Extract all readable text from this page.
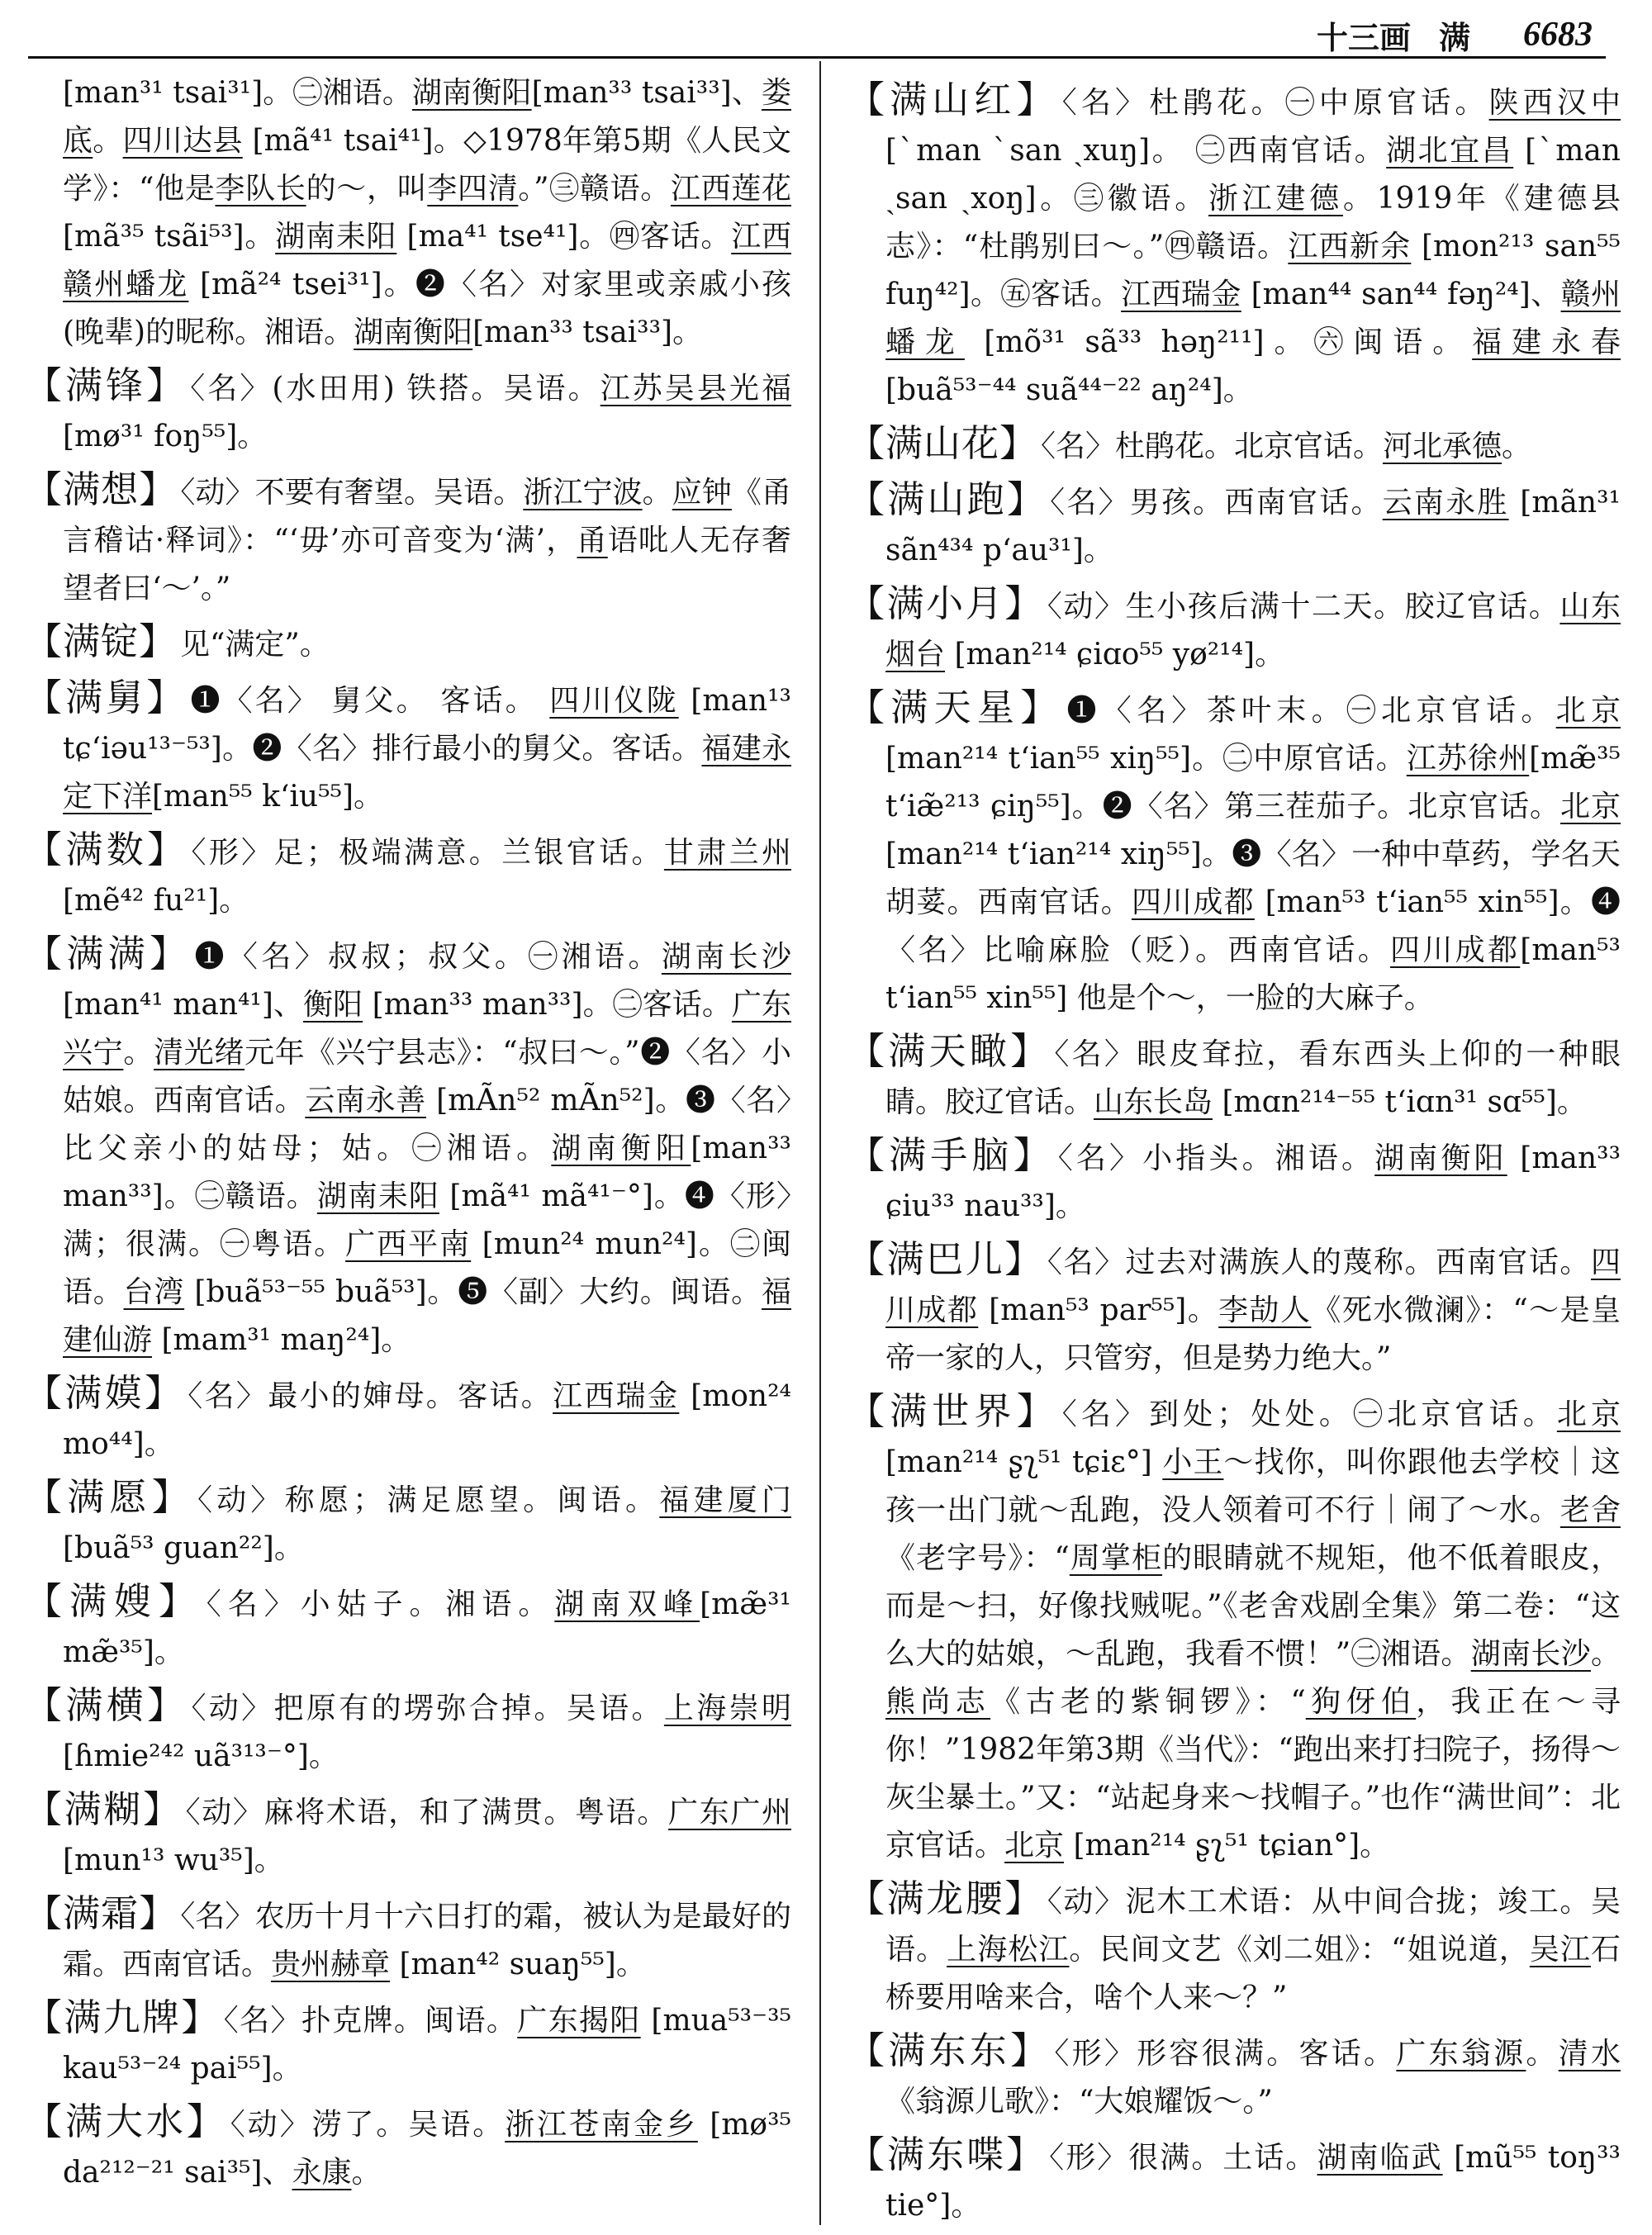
十三画 满 6683
[man³¹ tsai³¹]。㊁湘语。湖南衡阳[man³³ tsai³³]、娄底。四川达县 [mã⁴¹ tsai⁴¹]。◇1978年第5期《人民文学》：“他是李队长的～，叫李四清。”㊂赣语。江西莲花 [mã³⁵ tsãi⁵³]。湖南耒阳 [ma⁴¹ tse⁴¹]。㊃客话。江西赣州蟠龙 [mã²⁴ tsei³¹]。❷〈名〉对家里或亲戚小孩(晚辈)的昵称。湘语。湖南衡阳[man³³ tsai³³]。
【满锋】 〈名〉(水田用) 铁搭。吴语。江苏吴县光福 [mø³¹ foŋ⁵⁵]。
【满想】 〈动〉不要有奢望。吴语。浙江宁波。应钟《甬言稽诂·释词》：“‘毋’亦可音变为‘满’，甬语吡人无存奢望者曰‘～’。”
【满锭】 见“满定”。
【满舅】 ❶〈名〉 舅父。 客话。 四川仪陇 [man¹³ tɕʻiəu¹³⁻⁵³]。❷〈名〉排行最小的舅父。客话。福建永定下洋[man⁵⁵ kʻiu⁵⁵]。
【满数】 〈形〉足；极端满意。兰银官话。甘肃兰州 [mẽ⁴² fu²¹]。
【满满】 ❶〈名〉叔叔；叔父。㊀湘语。湖南长沙 [man⁴¹ man⁴¹]、衡阳 [man³³ man³³]。㊁客话。广东兴宁。清光绪元年《兴宁县志》：“叔曰～。”❷〈名〉小姑娘。西南官话。云南永善 [mÃn⁵² mÃn⁵²]。❸〈名〉比父亲小的姑母；姑。㊀湘语。湖南衡阳[man³³ man³³]。㊁赣语。湖南耒阳 [mã⁴¹ mã⁴¹⁻°]。❹〈形〉满；很满。㊀粤语。广西平南 [mun²⁴ mun²⁴]。㊁闽语。台湾 [buã⁵³⁻⁵⁵ buã⁵³]。❺〈副〉大约。闽语。福建仙游 [mam³¹ maŋ²⁴]。
【满嫫】 〈名〉最小的婶母。客话。江西瑞金 [mon²⁴ mo⁴⁴]。
【满愿】 〈动〉称愿；满足愿望。闽语。福建厦门[buã⁵³ guan²²]。
【满嫂】 〈名〉小姑子。湘语。湖南双峰[mæ̃³¹ mæ̃³⁵]。
【满横】 〈动〉把原有的塄弥合掉。吴语。上海崇明 [ɦmie²⁴² uã³¹³⁻°]。
【满糊】 〈动〉麻将术语，和了满贯。粤语。广东广州 [mun¹³ wu³⁵]。
【满霜】 〈名〉农历十月十六日打的霜，被认为是最好的霜。西南官话。贵州赫章 [man⁴² suaŋ⁵⁵]。
【满九牌】 〈名〉扑克牌。闽语。广东揭阳 [mua⁵³⁻³⁵ kau⁵³⁻²⁴ pai⁵⁵]。
【满大水】 〈动〉涝了。吴语。浙江苍南金乡 [mø³⁵ da²¹²⁻²¹ sai³⁵]、永康。
【满山红】 〈名〉杜鹃花。㊀中原官话。陕西汉中[ˋman ˋsan ˏxuŋ]。 ㊁西南官话。湖北宜昌 [ˋman ˏsan ˏxoŋ]。㊂徽语。浙江建德。1919年《建德县志》：“杜鹃别曰～。”㊃赣语。江西新余 [mon²¹³ san⁵⁵ fuŋ⁴²]。㊄客话。江西瑞金 [man⁴⁴ san⁴⁴ fəŋ²⁴]、赣州蟠龙 [mõ³¹ sã³³ həŋ²¹¹]。㊅闽语。福建永春 [buã⁵³⁻⁴⁴ suã⁴⁴⁻²² aŋ²⁴]。
【满山花】 〈名〉杜鹃花。北京官话。河北承德。
【满山跑】 〈名〉男孩。西南官话。云南永胜 [mãn³¹ sãn⁴³⁴ pʻau³¹]。
【满小月】 〈动〉生小孩后满十二天。胶辽官话。山东烟台 [man²¹⁴ ɕiɑo⁵⁵ yø²¹⁴]。
【满天星】 ❶〈名〉茶叶末。㊀北京官话。北京[man²¹⁴ tʻian⁵⁵ xiŋ⁵⁵]。㊁中原官话。江苏徐州[mæ̃³⁵ tʻiæ̃²¹³ ɕiŋ⁵⁵]。❷〈名〉第三茬茄子。北京官话。北京[man²¹⁴ tʻian²¹⁴ xiŋ⁵⁵]。❸〈名〉一种中草药，学名天胡荽。西南官话。四川成都 [man⁵³ tʻian⁵⁵ xin⁵⁵]。❹〈名〉比喻麻脸（贬）。西南官话。四川成都[man⁵³ tʻian⁵⁵ xin⁵⁵] 他是个～，一脸的大麻子。
【满天瞰】 〈名〉眼皮耷拉，看东西头上仰的一种眼睛。胶辽官话。山东长岛 [mɑn²¹⁴⁻⁵⁵ tʻiɑn³¹ sɑ⁵⁵]。
【满手脑】 〈名〉小指头。湘语。湖南衡阳 [man³³ ɕiu³³ nau³³]。
【满巴儿】 〈名〉过去对满族人的蔑称。西南官话。四川成都 [man⁵³ par⁵⁵]。李劼人《死水微澜》：“～是皇帝一家的人，只管穷，但是势力绝大。”
【满世界】 〈名〉到处；处处。㊀北京官话。北京 [man²¹⁴ ʂʅ⁵¹ tɕiɛ°] 小王～找你，叫你跟他去学校｜这孩一出门就～乱跑，没人领着可不行｜闹了～水。老舍《老字号》：“周掌柜的眼睛就不规矩，他不低着眼皮，而是～扫，好像找贼呢。”《老舍戏剧全集》第二卷：“这么大的姑娘，～乱跑，我看不惯！”㊁湘语。湖南长沙。熊尚志《古老的紫铜锣》：“狗伢伯，我正在～寻你！”1982年第3期《当代》：“跑出来打扫院子，扬得～灰尘暴土。”又：“站起身来～找帽子。”也作“满世间”：北京官话。北京 [man²¹⁴ ʂʅ⁵¹ tɕian°]。
【满龙腰】 〈动〉泥木工术语：从中间合拢；竣工。吴语。上海松江。民间文艺《刘二姐》：“姐说道，吴江石桥要用啥来合，啥个人来～？”
【满东东】 〈形〉形容很满。客话。广东翁源。清水《翁源儿歌》：“大娘耀饭～。”
【满东喋】 〈形〉很满。土话。湖南临武 [mũ⁵⁵ toŋ³³ tie°]。
